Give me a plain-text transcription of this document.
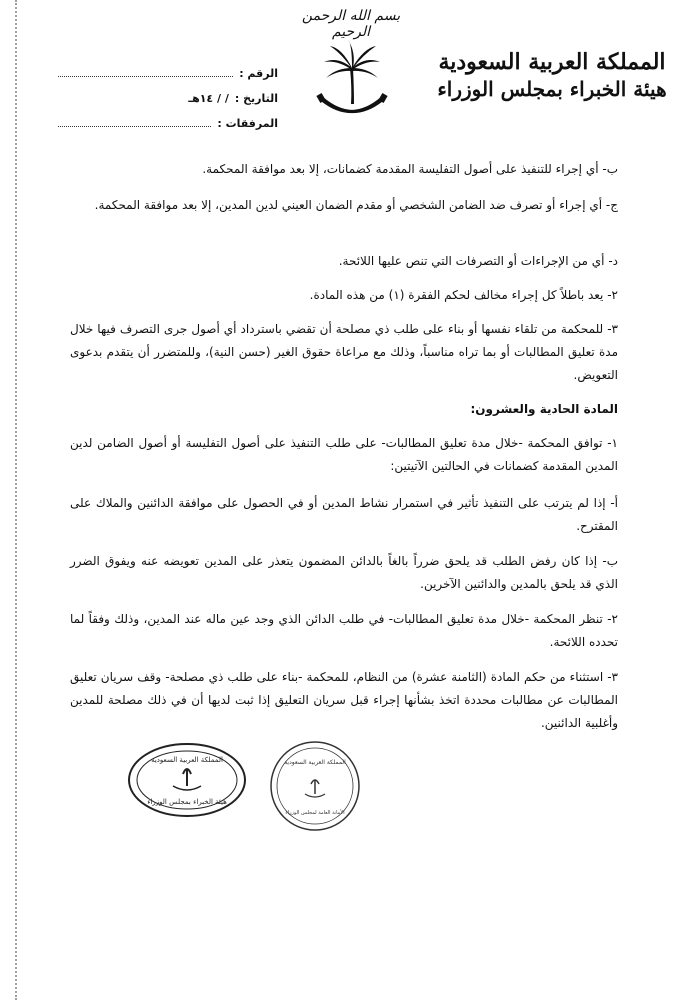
بسم الله الرحمن الرحيم
المملكة العربية السعودية
هيئة الخبراء بمجلس الوزراء
الرقم :
التاريخ :
/ / ١٤هـ
المرفقات :
ب- أي إجراء للتنفيذ على أصول التفليسة المقدمة كضمانات، إلا بعد موافقة المحكمة.
ج- أي إجراء أو تصرف ضد الضامن الشخصي أو مقدم الضمان العيني لدين المدين، إلا بعد موافقة المحكمة.
د- أي من الإجراءات أو التصرفات التي تنص عليها اللائحة.
٢- يعد باطلاً كل إجراء مخالف لحكم الفقرة (١) من هذه المادة.
٣- للمحكمة من تلقاء نفسها أو بناء على طلب ذي مصلحة أن تقضي باسترداد أي أصول جرى التصرف فيها خلال مدة تعليق المطالبات أو بما تراه مناسباً، وذلك مع مراعاة حقوق الغير (حسن النية)، وللمتضرر أن يتقدم بدعوى التعويض.
المادة الحادية والعشرون:
١- توافق المحكمة -خلال مدة تعليق المطالبات- على طلب التنفيذ على أصول التفليسة أو أصول الضامن لدين المدين المقدمة كضمانات في الحالتين الآتيتين:
أ- إذا لم يترتب على التنفيذ تأثير في استمرار نشاط المدين أو في الحصول على موافقة الدائنين والملاك على المقترح.
ب- إذا كان رفض الطلب قد يلحق ضرراً بالغاً بالدائن المضمون يتعذر على المدين تعويضه عنه ويفوق الضرر الذي قد يلحق بالمدين والدائنين الآخرين.
٢- تنظر المحكمة -خلال مدة تعليق المطالبات- في طلب الدائن الذي وجد عين ماله عند المدين، وذلك وفقاً لما تحدده اللائحة.
٣- استثناء من حكم المادة (الثامنة عشرة) من النظام، للمحكمة -بناء على طلب ذي مصلحة- وقف سريان تعليق المطالبات عن مطالبات محددة اتخذ بشأنها إجراء قبل سريان التعليق إذا ثبت لديها أن في ذلك مصلحة للمدين وأغلبية الدائنين.
المملكة العربية السعودية
هيئة الخبراء بمجلس الوزراء
المملكة العربية السعودية
الأمانة العامة لمجلس الوزراء
